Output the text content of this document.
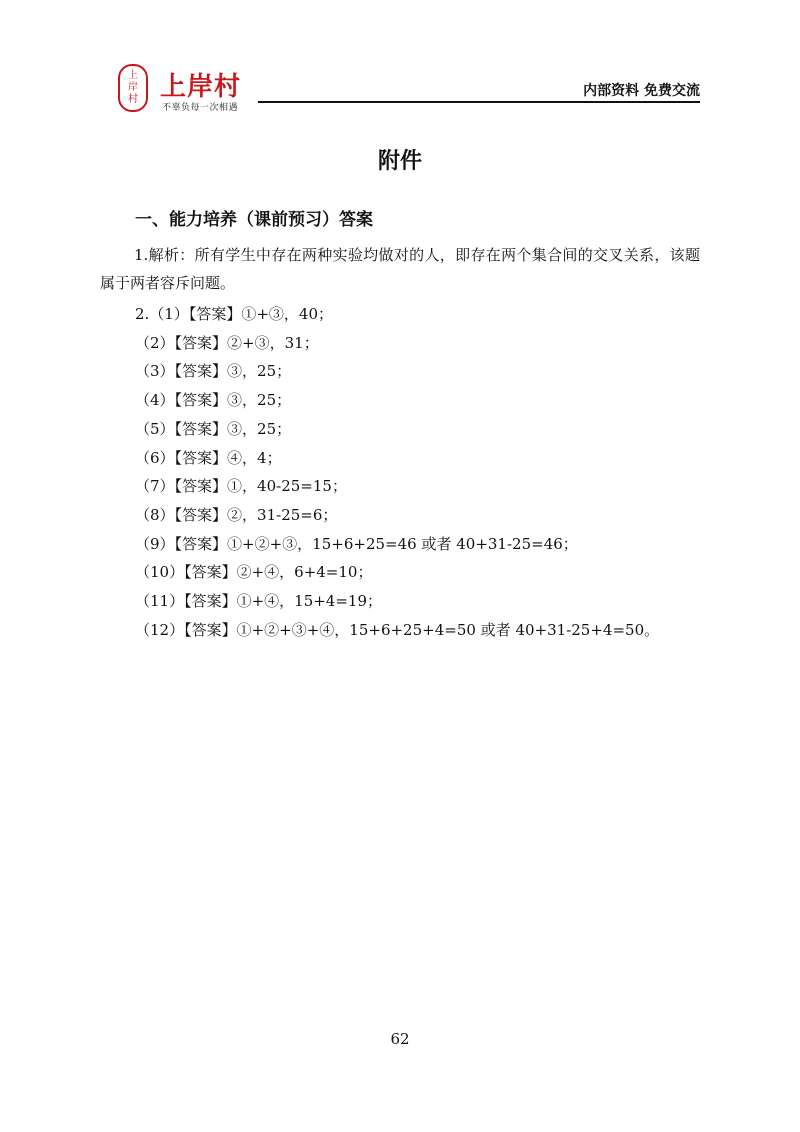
上
岸
村 上岸村
不辜负每一次相遇
内部资料 免费交流
附件
一、能力培养（课前预习）答案

1.解析：所有学生中存在两种实验均做对的人，即存在两个集合间的交叉关系，该题属于两者容斥问题。

2.（1）【答案】①+③，40；
（2）【答案】②+③，31；
（3）【答案】③，25；
（4）【答案】③，25；
（5）【答案】③，25；
（6）【答案】④，4；
（7）【答案】①，40-25=15；
（8）【答案】②，31-25=6；
（9）【答案】①+②+③，15+6+25=46 或者 40+31-25=46；
（10）【答案】②+④，6+4=10；
（11）【答案】①+④，15+4=19；
（12）【答案】①+②+③+④，15+6+25+4=50 或者 40+31-25+4=50。
62
